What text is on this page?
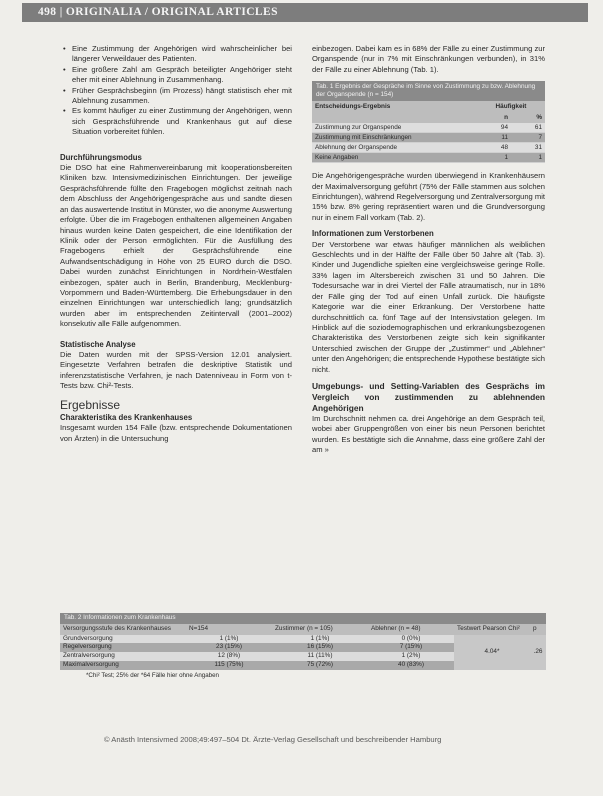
498 | ORIGINALIA / ORIGINAL ARTICLES
• Eine Zustimmung der Angehörigen wird wahrscheinlicher bei längerer Verweildauer des Patienten.
• Eine größere Zahl am Gespräch beteiligter Angehöriger steht eher mit einer Ablehnung in Zusammenhang.
• Früher Gesprächsbeginn (im Prozess) hängt statistisch eher mit Ablehnung zusammen.
• Es kommt häufiger zu einer Zustimmung der Angehörigen, wenn sich Gesprächsführende und Krankenhaus gut auf diese Situation vorbereitet fühlen.
Durchführungsmodus

Die DSO hat eine Rahmenvereinbarung mit kooperationsbereiten Kliniken bzw. Intensivmedizinischen Einrichtungen. Der jeweilige Gesprächsführende füllte den Fragebogen möglichst zeitnah nach dem Abschluss der Angehörigengespräche aus und sandte diesen an das auswertende Institut in Münster, wo die anonyme Auswertung erfolgte. Über die im Fragebogen enthaltenen allgemeinen Angaben hinaus wurden keine Daten gespeichert, die eine Identifikation der Klinik oder der Person ermöglichten. Für die Ausfüllung des Fragebogens erhielt der Gesprächsführende eine Aufwandsentschädigung in Höhe von 25 EURO durch die DSO. Dabei wurden zunächst Einrichtungen in Nordrhein-Westfalen einbezogen, später auch in Berlin, Brandenburg, Mecklenburg-Vorpommern und Baden-Württemberg. Die Erhebungsdauer in den einzelnen Einrichtungen war unterschiedlich lang; grundsätzlich wurden aber im entsprechenden Zeitintervall (2001–2002) konsekutiv alle Fälle aufgenommen.

Statistische Analyse

Die Daten wurden mit der SPSS-Version 12.01 analysiert. Eingesetzte Verfahren betrafen die deskriptive Statistik und inferenzstatistische Verfahren, je nach Datenniveau in Form von t-Tests bzw. Chi²-Tests.

Ergebnisse
Charakteristika des Krankenhauses

Insgesamt wurden 154 Fälle (bzw. entsprechende Dokumentationen von Ärzten) in die Untersuchung

einbezogen. Dabei kam es in 68% der Fälle zu einer Zustimmung zur Organspende (nur in 7% mit Einschränkungen verbunden), in 31% der Fälle zu einer Ablehnung (Tab. 1).

Tab. 1 Ergebnis der Gespräche im Sinne von Zustimmung zu bzw. Ablehnung der Organspende (n = 154)
Entscheidungs-Ergebnis	Häufigkeit	
	n	%
Zustimmung zur Organspende	94	61
Zustimmung mit Einschränkungen	11	7
Ablehnung der Organspende	48	31
Keine Angaben	1	1

Die Angehörigengespräche wurden überwiegend in Krankenhäusern der Maximalversorgung geführt (75% der Fälle stammen aus solchen Einrichtungen), während Regelversorgung und Zentralversorgung mit 15% bzw. 8% gering repräsentiert waren und die Grundversorgung nur in einem Fall vorkam (Tab. 2).

Informationen zum Verstorbenen

Der Verstorbene war etwas häufiger männlichen als weiblichen Geschlechts und in der Hälfte der Fälle über 50 Jahre alt (Tab. 3). Kinder und Jugendliche spielten eine vergleichsweise geringe Rolle. 33% lagen im Altersbereich zwischen 31 und 50 Jahren. Die Todesursache war in drei Viertel der Fälle atraumatisch, nur in 18% der Fälle ging der Tod auf einen Unfall zurück. Die häufigste Kategorie war die einer Erkrankung. Der Verstorbene hatte durchschnittlich ca. fünf Tage auf der Intensivstation gelegen. Im Hinblick auf die soziodemographischen und erkrankungsbezogenen Charakteristika des Verstorbenen zeigte sich kein signifikanter Unterschied zwischen der Gruppe der „Zustimmer“ und „Ablehner“ unter den Angehörigen; die entsprechende Hypothese bestätigte sich nicht.

Umgebungs- und Setting-Variablen des Gesprächs im Vergleich von zustimmenden zu ablehnenden Angehörigen

Im Durchschnitt nehmen ca. drei Angehörige an dem Gespräch teil, wobei aber Gruppengrößen von einer bis neun Personen berichtet wurden. Es bestätigte sich die Annahme, dass eine größere Zahl der am »

Tab. 2 Informationen zum Krankenhaus
Versorgungsstufe des Krankenhauses	N=154	Zustimmer (n = 105)	Ablehner (n = 48)	Testwert Pearson Chi²	p
Grundversorgung	1 (1%)	1 (1%)	0 (0%)	4.04*	.26
Regelversorgung	23 (15%)	16 (15%)	7 (15%)		
Zentralversorgung	12 (8%)	11 (11%)	1 (2%)		
Maximalversorgung	115 (75%)	75 (72%)	40 (83%)		
*Chi² Test; 25% der *64 Fälle hier ohne Angaben
© Anästh Intensivmed 2008;49:497–504 Dt. Ärzte-Verlag Gesellschaft und beschreibender Hamburg
